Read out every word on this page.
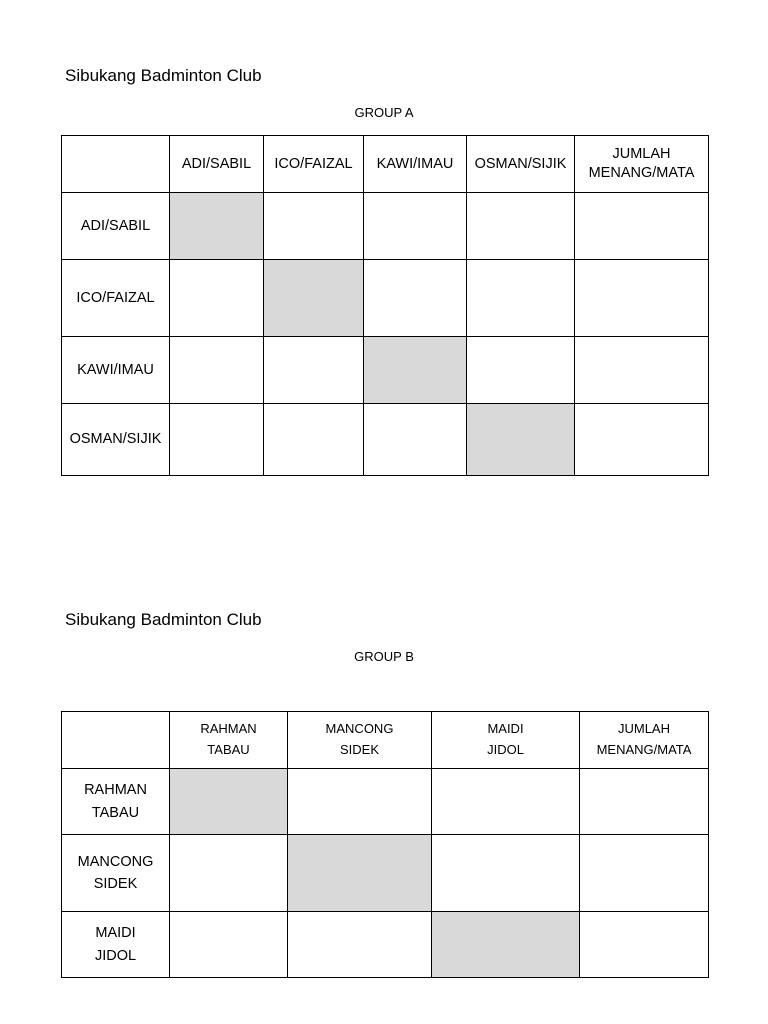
Sibukang Badminton Club
GROUP A

	ADI/SABIL	ICO/FAIZAL	KAWI/IMAU	OSMAN/SIJIK	JUMLAH
MENANG/MATA

ADI/SABIL					

ICO/FAIZAL					

KAWI/IMAU					

OSMAN/SIJIK					

Sibukang Badminton Club
GROUP B

	RAHMAN
TABAU	MANCONG
SIDEK	MAIDI
JIDOL	JUMLAH
MENANG/MATA

RAHMAN
TABAU				

MANCONG
SIDEK				

MAIDI
JIDOL				
